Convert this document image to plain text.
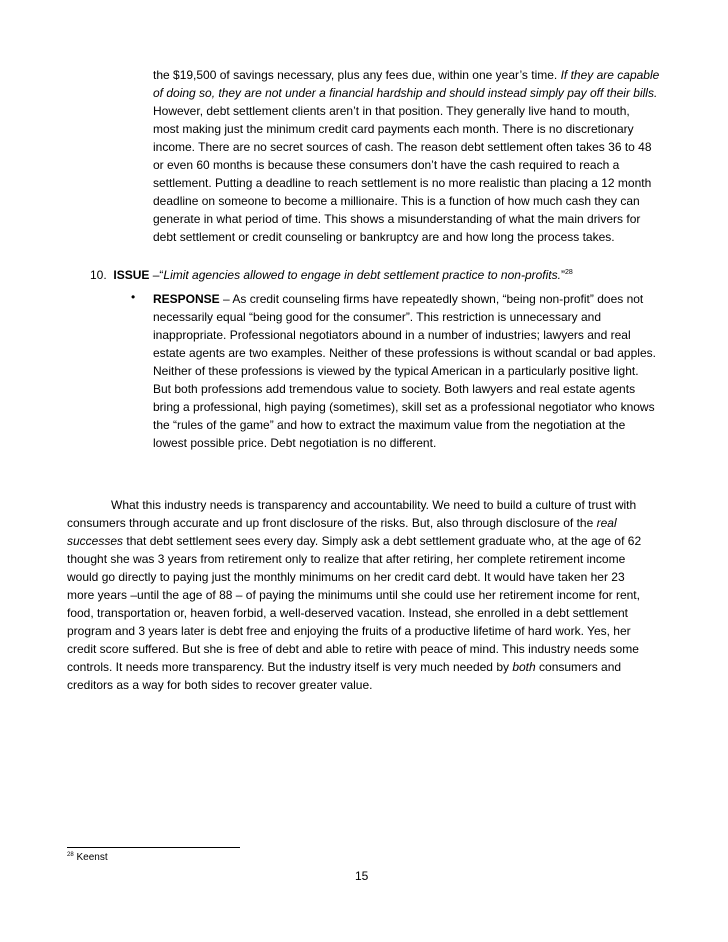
the $19,500 of savings necessary, plus any fees due, within one year’s time. If they are capable
of doing so, they are not under a financial hardship and should instead simply pay off their bills.
However, debt settlement clients aren’t in that position. They generally live hand to mouth,
most making just the minimum credit card payments each month. There is no discretionary
income. There are no secret sources of cash. The reason debt settlement often takes 36 to 48
or even 60 months is because these consumers don’t have the cash required to reach a
settlement. Putting a deadline to reach settlement is no more realistic than placing a 12 month
deadline on someone to become a millionaire. This is a function of how much cash they can
generate in what period of time. This shows a misunderstanding of what the main drivers for
debt settlement or credit counseling or bankruptcy are and how long the process takes.
10. ISSUE –“Limit agencies allowed to engage in debt settlement practice to non-profits.”$^{28}$
• RESPONSE – As credit counseling firms have repeatedly shown, “being non-profit” does not
necessarily equal “being good for the consumer”. This restriction is unnecessary and
inappropriate. Professional negotiators abound in a number of industries; lawyers and real
estate agents are two examples. Neither of these professions is without scandal or bad apples.
Neither of these professions is viewed by the typical American in a particularly positive light.
But both professions add tremendous value to society. Both lawyers and real estate agents
bring a professional, high paying (sometimes), skill set as a professional negotiator who knows
the “rules of the game” and how to extract the maximum value from the negotiation at the
lowest possible price. Debt negotiation is no different.
What this industry needs is transparency and accountability. We need to build a culture of trust with
consumers through accurate and up front disclosure of the risks. But, also through disclosure of the real
successes that debt settlement sees every day. Simply ask a debt settlement graduate who, at the age of 62
thought she was 3 years from retirement only to realize that after retiring, her complete retirement income
would go directly to paying just the monthly minimums on her credit card debt. It would have taken her 23
more years –until the age of 88 – of paying the minimums until she could use her retirement income for rent,
food, transportation or, heaven forbid, a well-deserved vacation. Instead, she enrolled in a debt settlement
program and 3 years later is debt free and enjoying the fruits of a productive lifetime of hard work. Yes, her
credit score suffered. But she is free of debt and able to retire with peace of mind. This industry needs some
controls. It needs more transparency. But the industry itself is very much needed by both consumers and
creditors as a way for both sides to recover greater value.
$^{28}$ Keenst
15
